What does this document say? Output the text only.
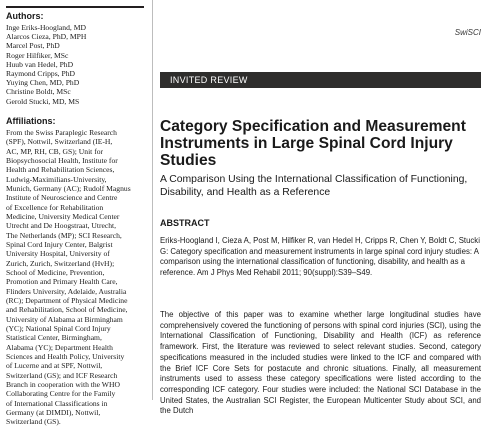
Authors:
Inge Eriks-Hoogland, MD
Alarcos Cieza, PhD, MPH
Marcel Post, PhD
Roger Hilfiker, MSc
Huub van Hedel, PhD
Raymond Cripps, PhD
Yuying Chen, MD, PhD
Christine Boldt, MSc
Gerold Stucki, MD, MS
Affiliations:
From the Swiss Paraplegic Research
(SPF), Nottwil, Switzerland (IE-H,
AC, MP, RH, CB, GS); Unit for
Biopsychosocial Health, Institute for
Health and Rehabilitation Sciences,
Ludwig-Maximilians-University,
Munich, Germany (AC); Rudolf Magnus
Institute of Neuroscience and Centre
of Excellence for Rehabilitation
Medicine, University Medical Center
Utrecht and De Hoogstraat, Utrecht,
The Netherlands (MP); SCI Research,
Spinal Cord Injury Center, Balgrist
University Hospital, University of
Zurich, Zurich, Switzerland (HvH);
School of Medicine, Prevention,
Promotion and Primary Health Care,
Flinders University, Adelaide, Australia
(RC); Department of Physical Medicine
and Rehabilitation, School of Medicine,
University of Alabama at Birmingham
(YC); National Spinal Cord Injury
Statistical Center, Birmingham,
Alabama (YC); Department Health
Sciences and Health Policy, University
of Lucerne and at SPF, Nottwil,
Switzerland (GS); and ICF Research
Branch in cooperation with the WHO
Collaborating Centre for the Family
of International Classifications in
Germany (at DIMDI), Nottwil,
Switzerland (GS).
SwiSCI
INVITED REVIEW
Category Specification and Measurement Instruments in Large Spinal Cord Injury Studies
A Comparison Using the International Classification of Functioning, Disability, and Health as a Reference
ABSTRACT
Eriks-Hoogland I, Cieza A, Post M, Hilfiker R, van Hedel H, Cripps R, Chen Y, Boldt C, Stucki G: Category specification and measurement instruments in large spinal cord injury studies: A comparison using the international classification of functioning, disability, and health as a reference. Am J Phys Med Rehabil 2011; 90(suppl):S39–S49.
The objective of this paper was to examine whether large longitudinal studies have comprehensively covered the functioning of persons with spinal cord injuries (SCI), using the International Classification of Functioning, Disability and Health (ICF) as reference framework. First, the literature was reviewed to select relevant studies. Second, category specifications measured in the included studies were linked to the ICF and compared with the Brief ICF Core Sets for postacute and chronic situations. Finally, all measurement instruments used to assess these category specifications were listed according to the corresponding ICF category. Four studies were included: the National SCI Database in the United States, the Australian SCI Register, the European Multicenter Study about SCI, and the Dutch
